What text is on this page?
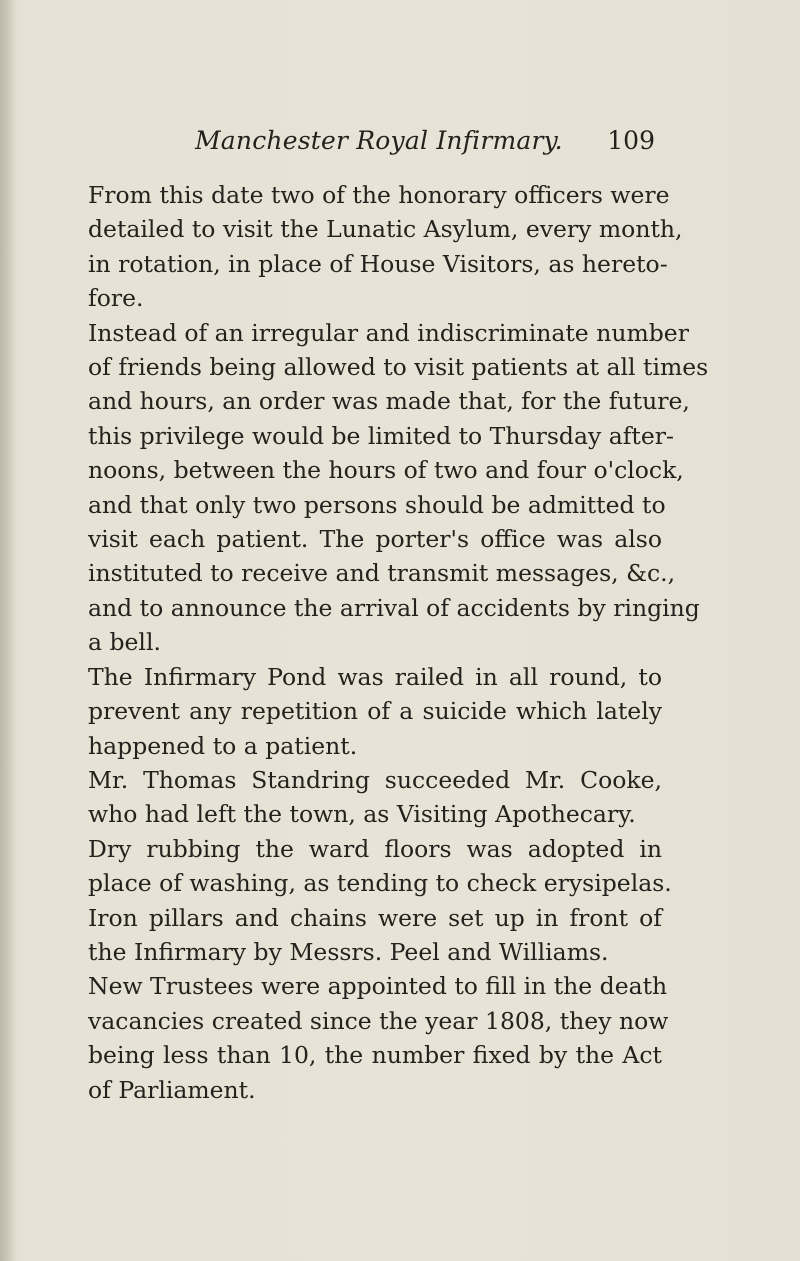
Manchester Royal Infirmary. 109

From this date two of the honorary officers were
detailed to visit the Lunatic Asylum, every month,
in rotation, in place of House Visitors, as hereto-
fore.

Instead of an irregular and indiscriminate number
of friends being allowed to visit patients at all times
and hours, an order was made that, for the future,
this privilege would be limited to Thursday after-
noons, between the hours of two and four o'clock,
and that only two persons should be admitted to
visit each patient. The porter's office was also
instituted to receive and transmit messages, &c.,
and to announce the arrival of accidents by ringing
a bell.

The Infirmary Pond was railed in all round, to
prevent any repetition of a suicide which lately
happened to a patient.

Mr. Thomas Standring succeeded Mr. Cooke,
who had left the town, as Visiting Apothecary.

Dry rubbing the ward floors was adopted in
place of washing, as tending to check erysipelas.

Iron pillars and chains were set up in front of
the Infirmary by Messrs. Peel and Williams.

New Trustees were appointed to fill in the death
vacancies created since the year 1808, they now
being less than 10, the number fixed by the Act
of Parliament.
